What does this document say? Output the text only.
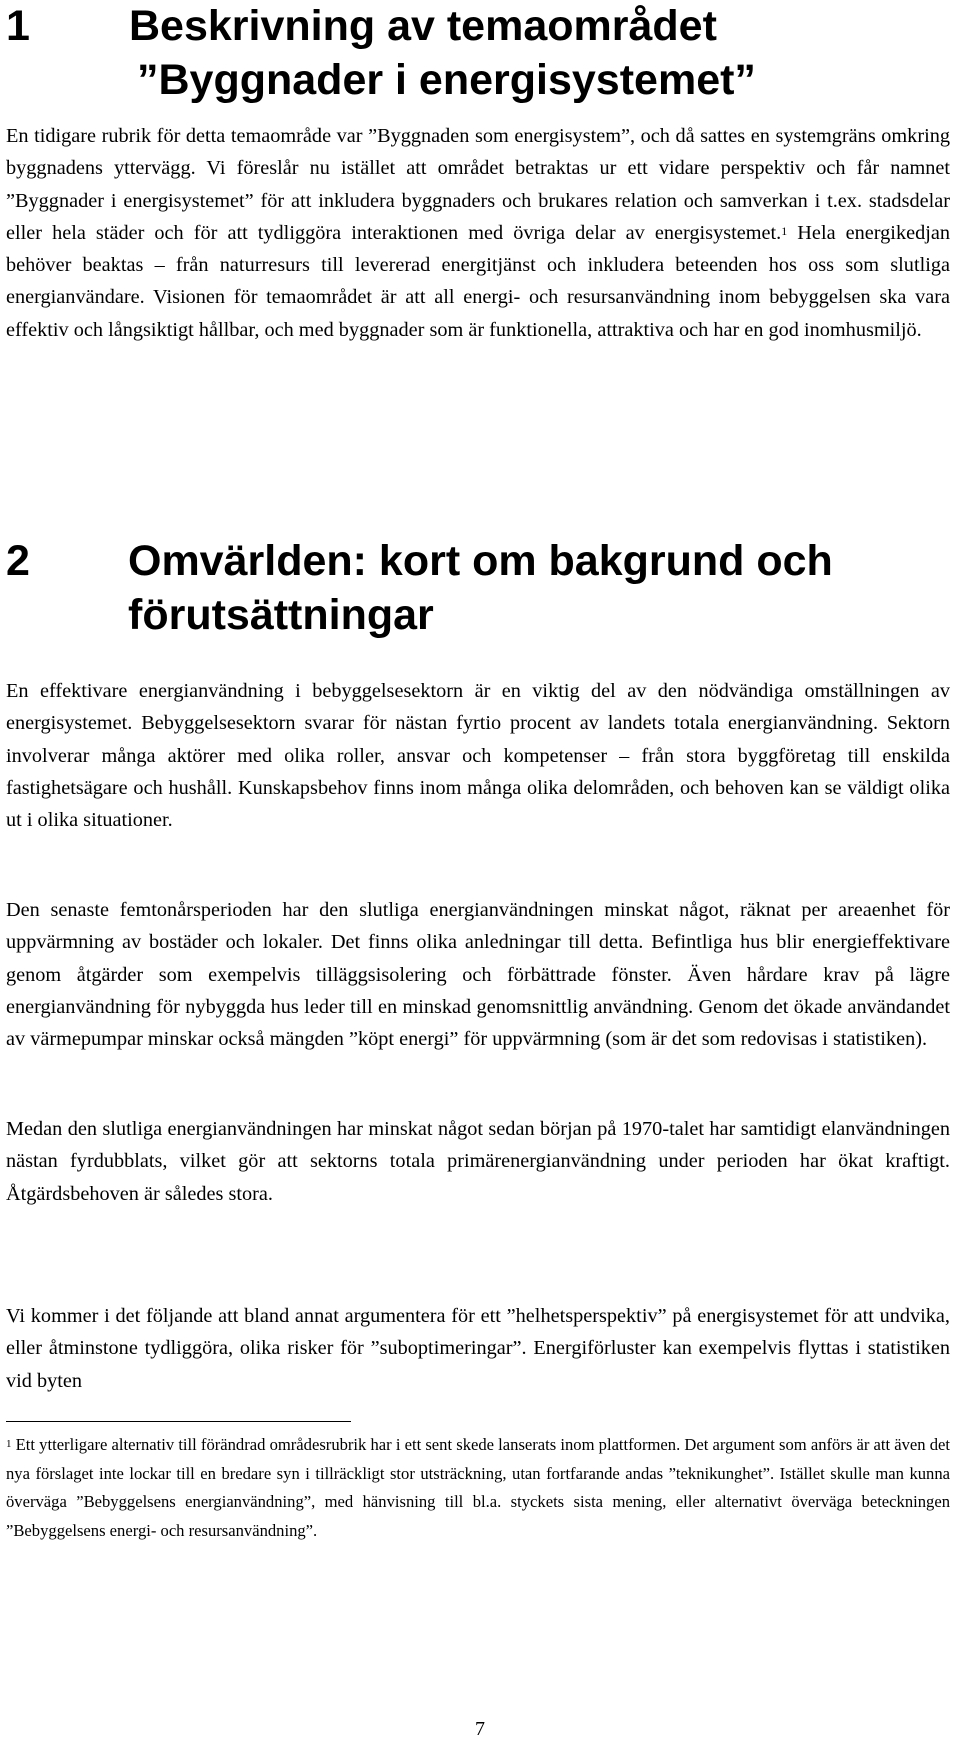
1 Beskrivning av temaområdet
”Byggnader i energisystemet”

En tidigare rubrik för detta temaområde var ”Byggnaden som energisystem”, och då sattes en systemgräns omkring byggnadens yttervägg. Vi föreslår nu istället att området betraktas ur ett vidare perspektiv och får namnet ”Byggnader i energisystemet” för att inkludera byggnaders och brukares relation och samverkan i t.ex. stadsdelar eller hela städer och för att tydliggöra interaktionen med övriga delar av energisystemet.$^1$ Hela energikedjan behöver beaktas – från naturresurs till levererad energitjänst och inkludera beteenden hos oss som slutliga energianvändare. Visionen för temaområdet är att all energi- och resursanvändning inom bebyggelsen ska vara effektiv och långsiktigt hållbar, och med byggnader som är funktionella, attraktiva och har en god inomhusmiljö.

2 Omvärlden: kort om bakgrund och förutsättningar

En effektivare energianvändning i bebyggelsesektorn är en viktig del av den nödvändiga omställningen av energisystemet. Bebyggelsesektorn svarar för nästan fyrtio procent av landets totala energianvändning. Sektorn involverar många aktörer med olika roller, ansvar och kompetenser – från stora byggföretag till enskilda fastighetsägare och hushåll. Kunskapsbehov finns inom många olika delområden, och behoven kan se väldigt olika ut i olika situationer.

Den senaste femtonårsperioden har den slutliga energianvändningen minskat något, räknat per areaenhet för uppvärmning av bostäder och lokaler. Det finns olika anledningar till detta. Befintliga hus blir energieffektivare genom åtgärder som exempelvis tilläggsisolering och förbättrade fönster. Även hårdare krav på lägre energianvändning för nybyggda hus leder till en minskad genomsnittlig användning. Genom det ökade användandet av värmepumpar minskar också mängden ”köpt energi” för uppvärmning (som är det som redovisas i statistiken).

Medan den slutliga energianvändningen har minskat något sedan början på 1970-talet har samtidigt elanvändningen nästan fyrdubblats, vilket gör att sektorns totala primärenergianvändning under perioden har ökat kraftigt. Åtgärdsbehoven är således stora.

Vi kommer i det följande att bland annat argumentera för ett ”helhetsperspektiv” på energisystemet för att undvika, eller åtminstone tydliggöra, olika risker för ”suboptimeringar”. Energiförluster kan exempelvis flyttas i statistiken vid byten

$^1$ Ett ytterligare alternativ till förändrad områdesrubrik har i ett sent skede lanserats inom plattformen. Det argument som anförs är att även det nya förslaget inte lockar till en bredare syn i tillräckligt stor utsträckning, utan fortfarande andas ”teknikunghet”. Istället skulle man kunna överväga ”Bebyggelsens energianvändning”, med hänvisning till bl.a. styckets sista mening, eller alternativt överväga beteckningen ”Bebyggelsens energi- och resursanvändning”.

7
